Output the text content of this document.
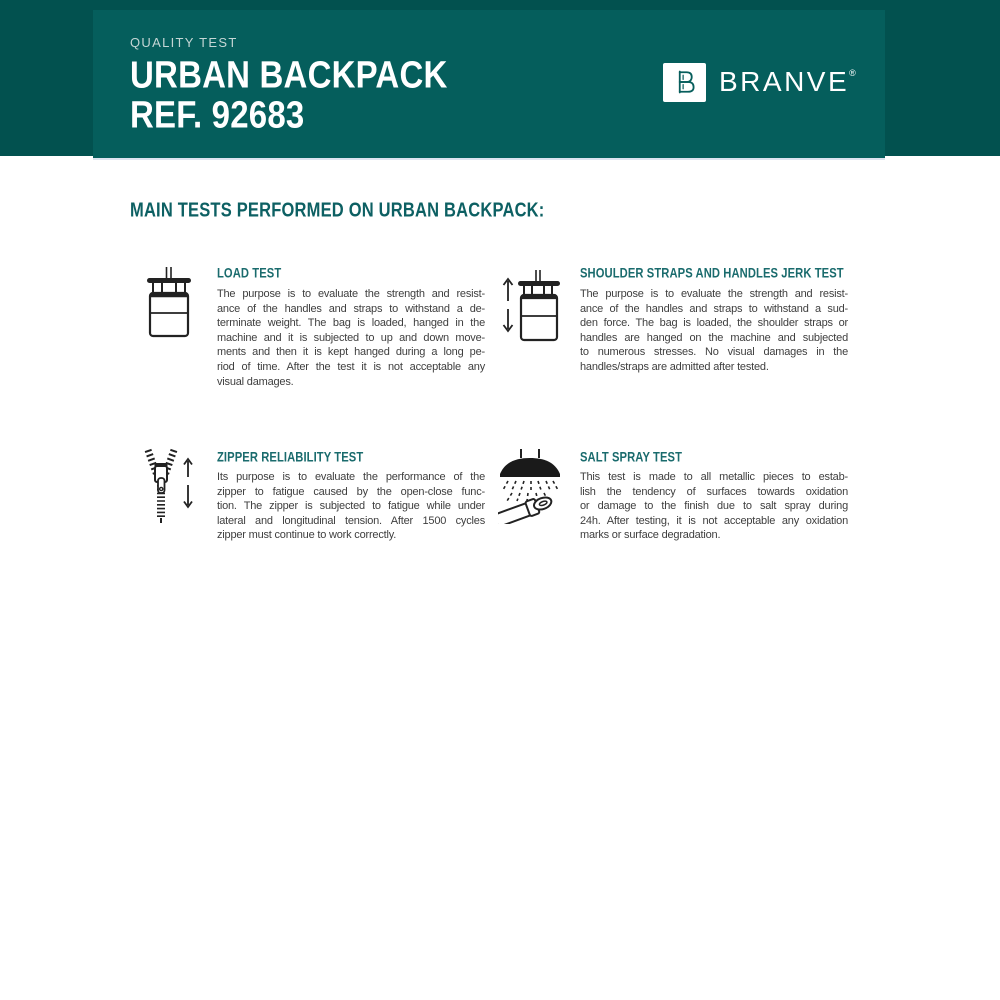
QUALITY TEST
URBAN BACKPACK
REF. 92683
BRANVE ®
MAIN TESTS PERFORMED ON URBAN BACKPACK:
LOAD TEST
The purpose is to evaluate the strength and resist-
ance of the handles and straps to withstand a de-
terminate weight. The bag is loaded, hanged in the
machine and it is subjected to up and down move-
ments and then it is kept hanged during a long pe-
riod of time. After the test it is not acceptable any
visual damages.
SHOULDER STRAPS AND HANDLES JERK TEST
The purpose is to evaluate the strength and resist-
ance of the handles and straps to withstand a sud-
den force. The bag is loaded, the shoulder straps or
handles are hanged on the machine and subjected
to numerous stresses. No visual damages in the
handles/straps are admitted after tested.
ZIPPER RELIABILITY TEST
Its purpose is to evaluate the performance of the
zipper to fatigue caused by the open-close func-
tion. The zipper is subjected to fatigue while under
lateral and longitudinal tension. After 1500 cycles
zipper must continue to work correctly.
SALT SPRAY TEST
This test is made to all metallic pieces to estab-
lish the tendency of surfaces towards oxidation
or damage to the finish due to salt spray during
24h. After testing, it is not acceptable any oxidation
marks or surface degradation.
